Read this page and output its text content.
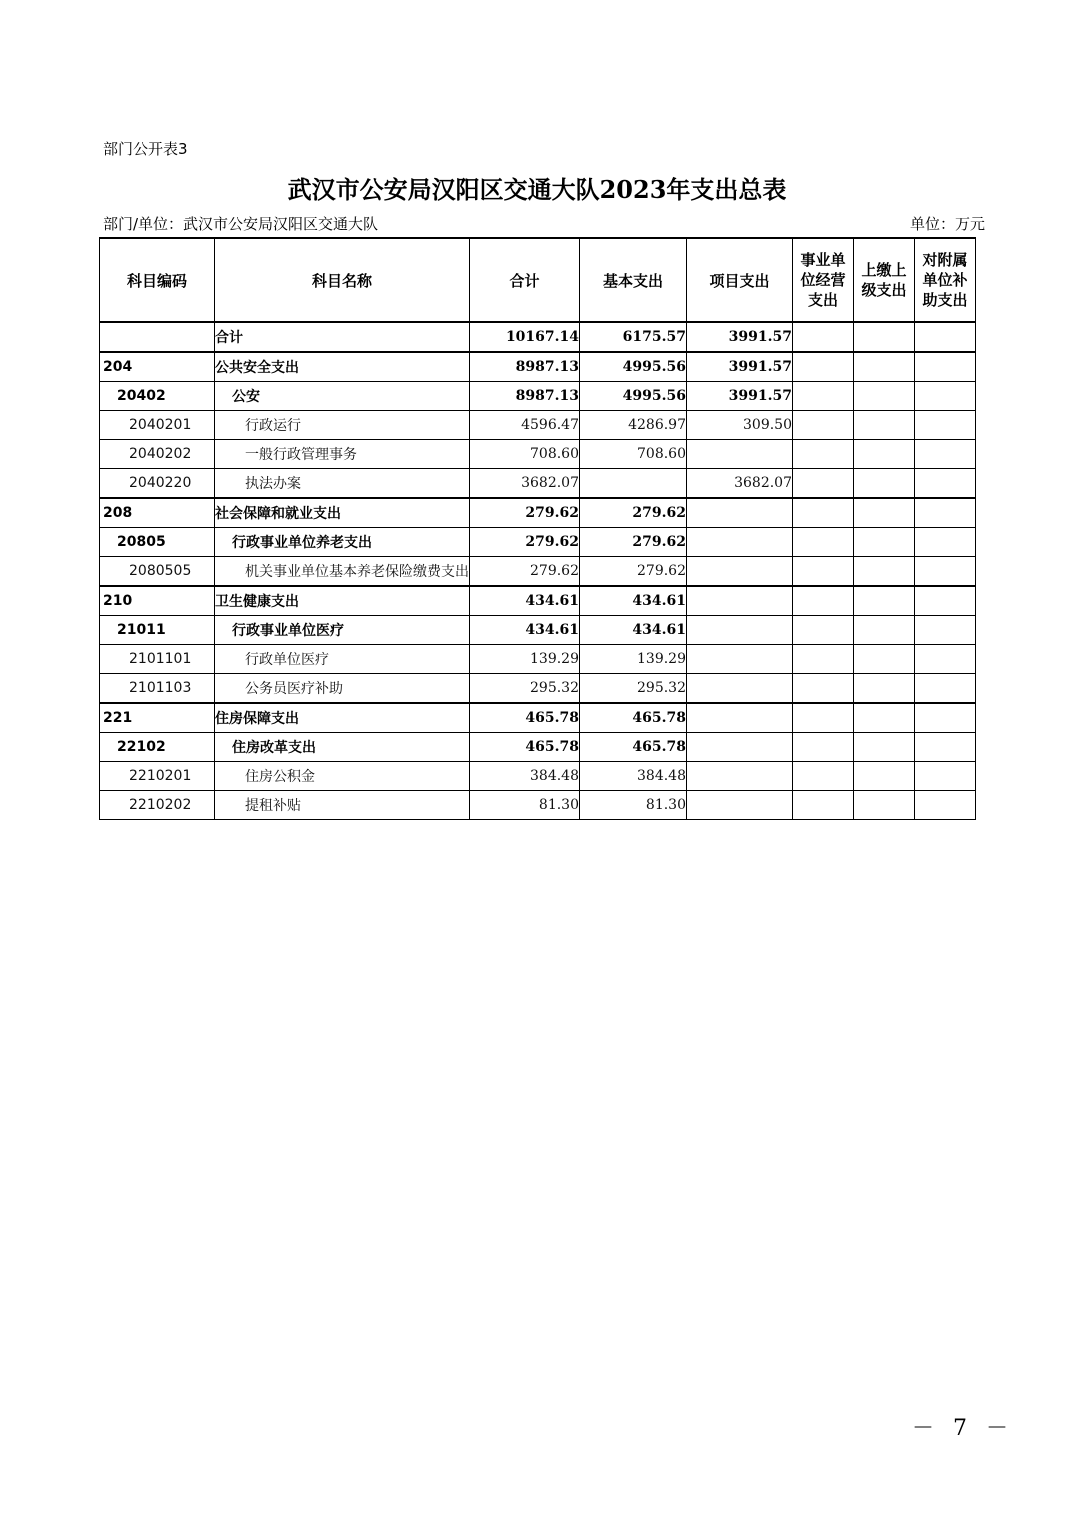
部门公开表3
武汉市公安局汉阳区交通大队2023年支出总表
部门/单位：武汉市公安局汉阳区交通大队	单位：万元
科目编码	科目名称	合计	基本支出	项目支出	事业单位经营支出	上缴上级支出	对附属单位补助支出
	合计	10167.14	6175.57	3991.57			
204	公共安全支出	8987.13	4995.56	3991.57			
20402	公安	8987.13	4995.56	3991.57			
2040201	行政运行	4596.47	4286.97	309.50			
2040202	一般行政管理事务	708.60	708.60				
2040220	执法办案	3682.07		3682.07			
208	社会保障和就业支出	279.62	279.62				
20805	行政事业单位养老支出	279.62	279.62				
2080505	机关事业单位基本养老保险缴费支出	279.62	279.62				
210	卫生健康支出	434.61	434.61				
21011	行政事业单位医疗	434.61	434.61				
2101101	行政单位医疗	139.29	139.29				
2101103	公务员医疗补助	295.32	295.32				
221	住房保障支出	465.78	465.78				
22102	住房改革支出	465.78	465.78				
2210201	住房公积金	384.48	384.48				
2210202	提租补贴	81.30	81.30				
－ 7 －
